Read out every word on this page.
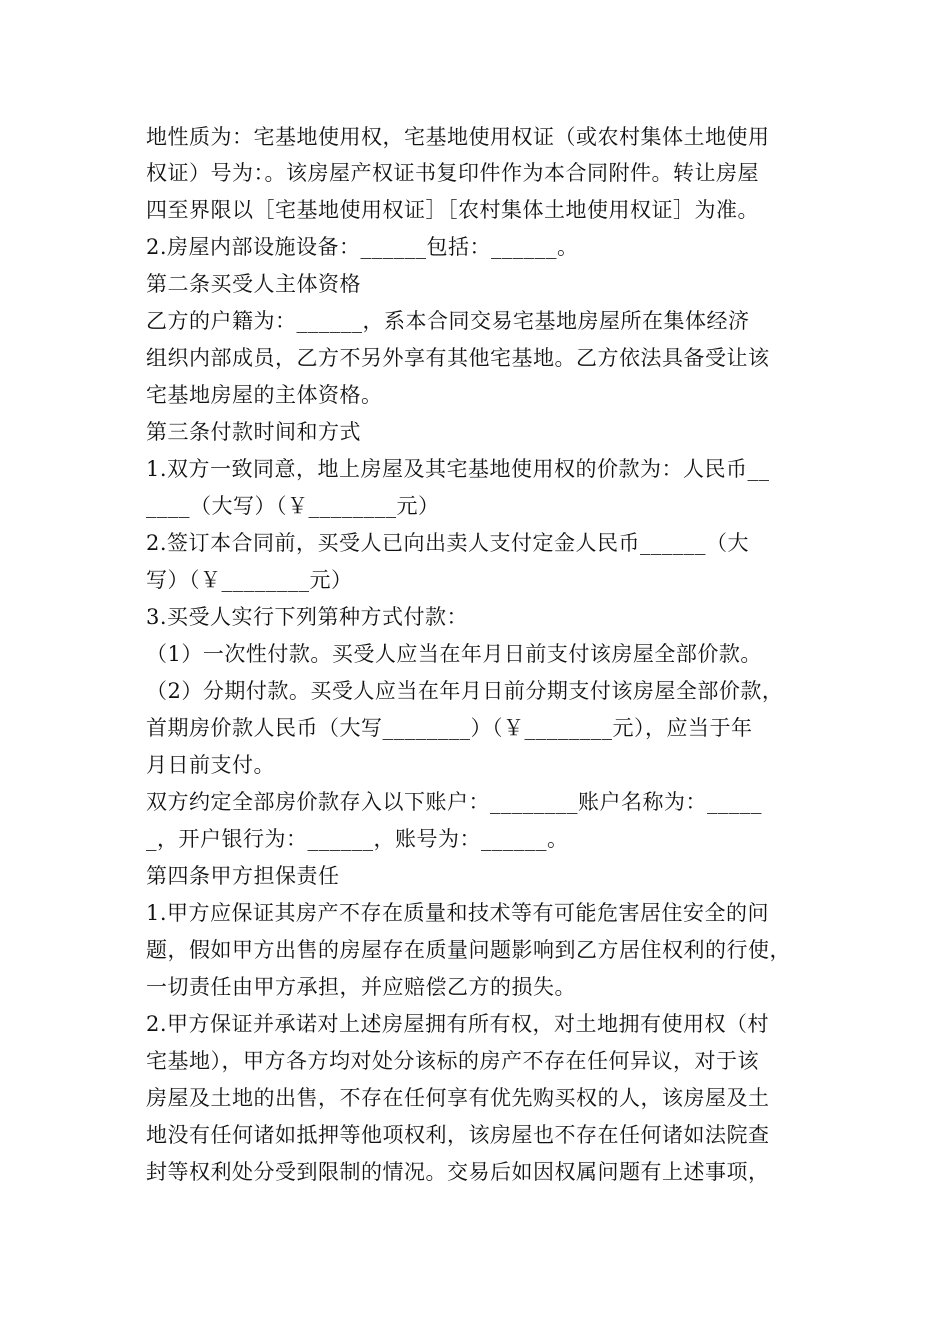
地性质为：宅基地使用权，宅基地使用权证（或农村集体土地使用
权证）号为：。该房屋产权证书复印件作为本合同附件。转让房屋
四至界限以［宅基地使用权证］［农村集体土地使用权证］为准。
2.房屋内部设施设备：______包括：______。
第二条买受人主体资格
乙方的户籍为：______，系本合同交易宅基地房屋所在集体经济
组织内部成员，乙方不另外享有其他宅基地。乙方依法具备受让该
宅基地房屋的主体资格。
第三条付款时间和方式
1.双方一致同意，地上房屋及其宅基地使用权的价款为：人民币__
____（大写）（￥________元）
2.签订本合同前，买受人已向出卖人支付定金人民币______（大
写）（￥________元）
3.买受人实行下列第种方式付款：
（1）一次性付款。买受人应当在年月日前支付该房屋全部价款。
（2）分期付款。买受人应当在年月日前分期支付该房屋全部价款，
首期房价款人民币（大写________）（￥________元），应当于年
月日前支付。
双方约定全部房价款存入以下账户：________账户名称为：_____
_，开户银行为：______，账号为：______。
第四条甲方担保责任
1.甲方应保证其房产不存在质量和技术等有可能危害居住安全的问
题，假如甲方出售的房屋存在质量问题影响到乙方居住权利的行使，
一切责任由甲方承担，并应赔偿乙方的损失。
2.甲方保证并承诺对上述房屋拥有所有权，对土地拥有使用权（村
宅基地），甲方各方均对处分该标的房产不存在任何异议，对于该
房屋及土地的出售，不存在任何享有优先购买权的人，该房屋及土
地没有任何诸如抵押等他项权利，该房屋也不存在任何诸如法院查
封等权利处分受到限制的情况。交易后如因权属问题有上述事项，
